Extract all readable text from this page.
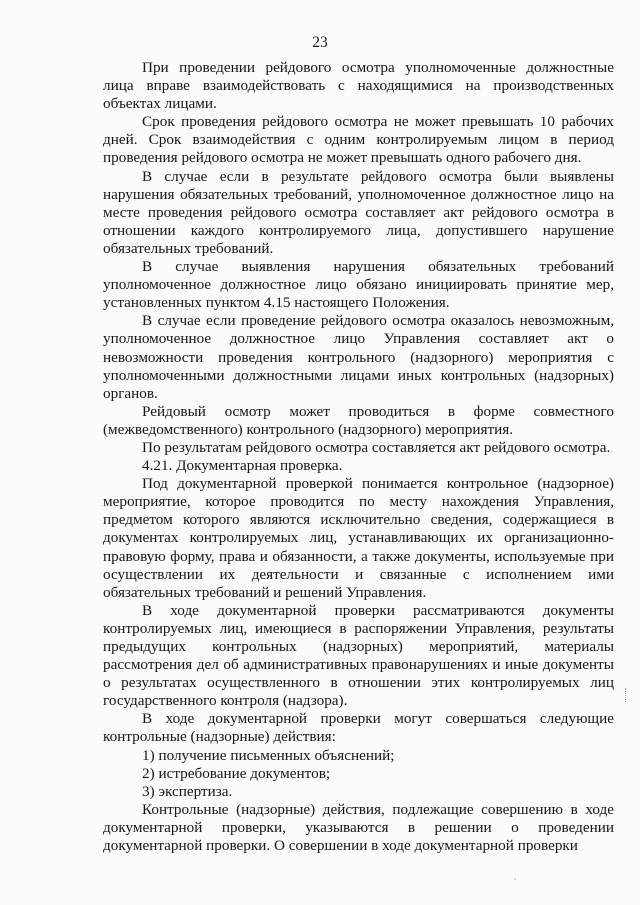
23

При проведении рейдового осмотра уполномоченные должностные лица вправе взаимодействовать с находящимися на производственных объектах лицами.

Срок проведения рейдового осмотра не может превышать 10 рабочих дней. Срок взаимодействия с одним контролируемым лицом в период проведения рейдового осмотра не может превышать одного рабочего дня.

В случае если в результате рейдового осмотра были выявлены нарушения обязательных требований, уполномоченное должностное лицо на месте проведения рейдового осмотра составляет акт рейдового осмотра в отношении каждого контролируемого лица, допустившего нарушение обязательных требований.

В случае выявления нарушения обязательных требований уполномоченное должностное лицо обязано инициировать принятие мер, установленных пунктом 4.15 настоящего Положения.

В случае если проведение рейдового осмотра оказалось невозможным, уполномоченное должностное лицо Управления составляет акт о невозможности проведения контрольного (надзорного) мероприятия с уполномоченными должностными лицами иных контрольных (надзорных) органов.

Рейдовый осмотр может проводиться в форме совместного (межведомственного) контрольного (надзорного) мероприятия.

По результатам рейдового осмотра составляется акт рейдового осмотра.

4.21. Документарная проверка.

Под документарной проверкой понимается контрольное (надзорное) мероприятие, которое проводится по месту нахождения Управления, предметом которого являются исключительно сведения, содержащиеся в документах контролируемых лиц, устанавливающих их организационно-правовую форму, права и обязанности, а также документы, используемые при осуществлении их деятельности и связанные с исполнением ими обязательных требований и решений Управления.

В ходе документарной проверки рассматриваются документы контролируемых лиц, имеющиеся в распоряжении Управления, результаты предыдущих контрольных (надзорных) мероприятий, материалы рассмотрения дел об административных правонарушениях и иные документы о результатах осуществленного в отношении этих контролируемых лиц государственного контроля (надзора).

В ходе документарной проверки могут совершаться следующие контрольные (надзорные) действия:

1) получение письменных объяснений;

2) истребование документов;

3) экспертиза.

Контрольные (надзорные) действия, подлежащие совершению в ходе документарной проверки, указываются в решении о проведении документарной проверки. О совершении в ходе документарной проверки
